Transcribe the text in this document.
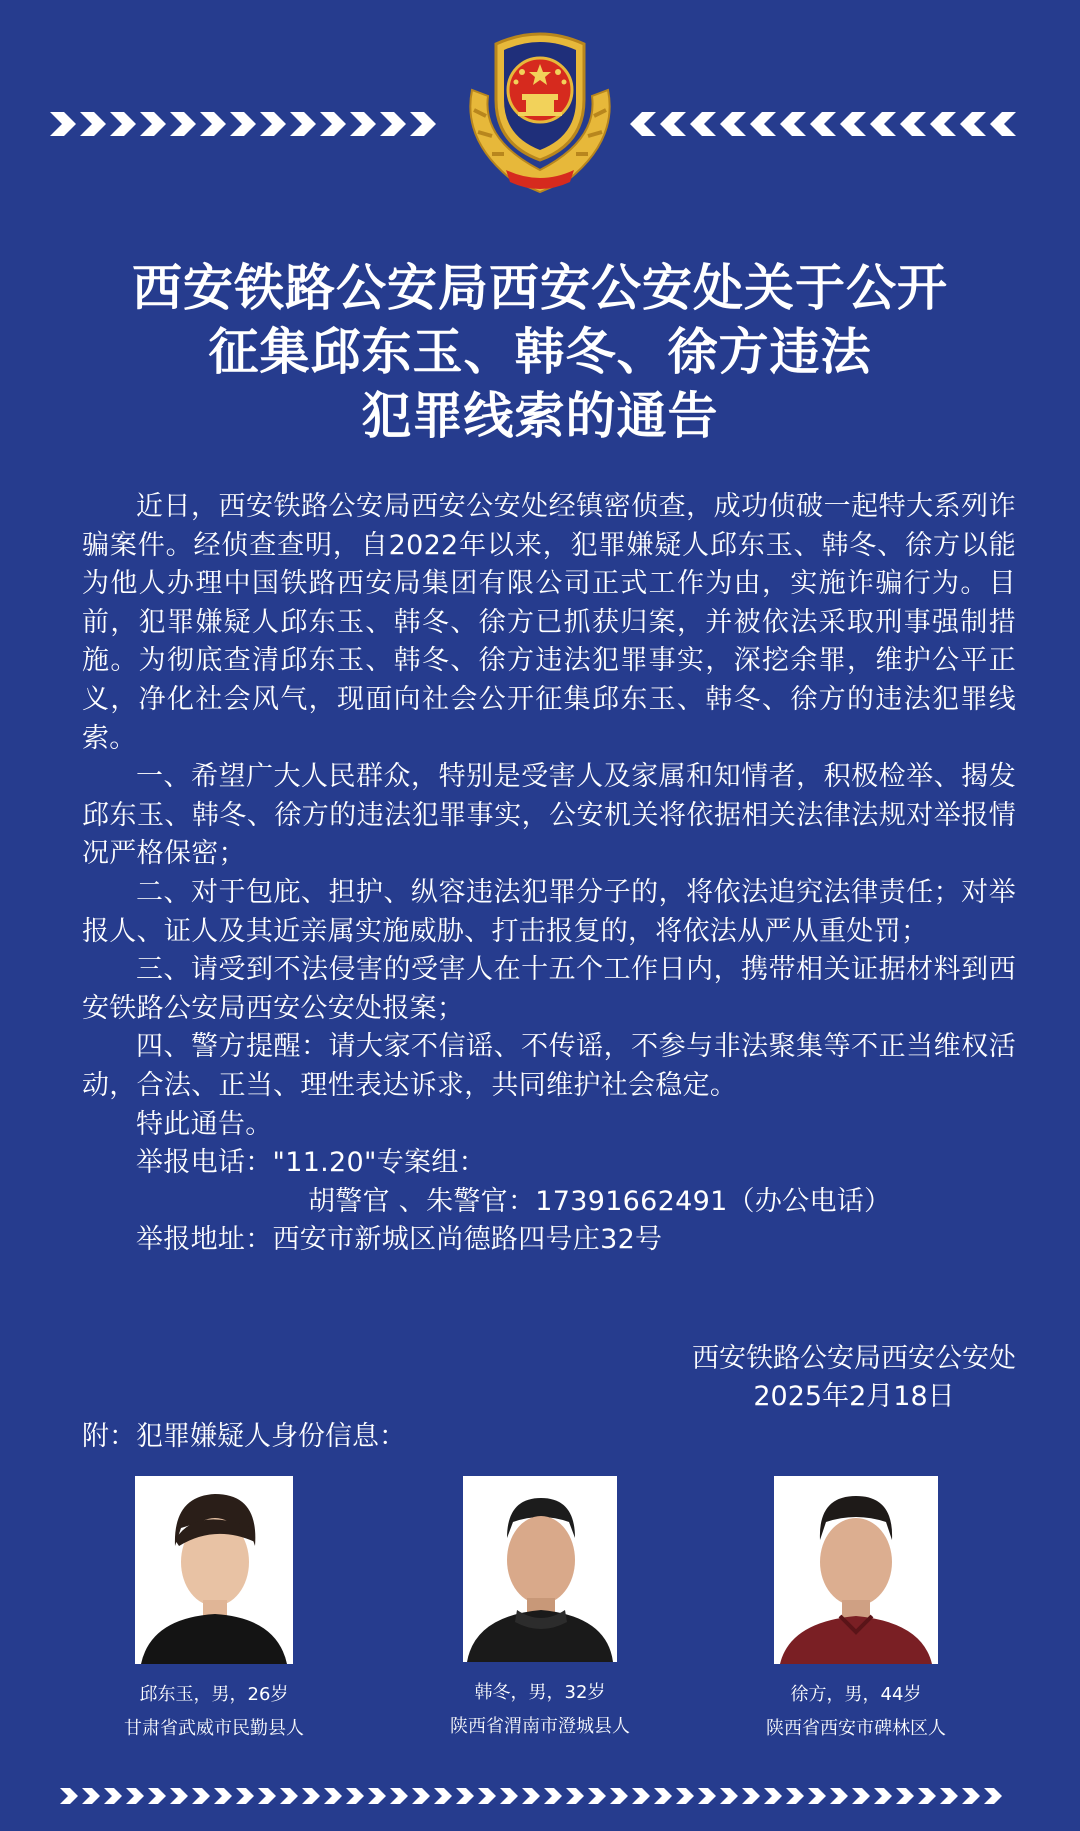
西安铁路公安局西安公安处关于公开
征集邱东玉、韩冬、徐方违法
犯罪线索的通告

近日，西安铁路公安局西安公安处经镇密侦查，成功侦破一起特大系列诈骗案件。经侦查查明，自2022年以来，犯罪嫌疑人邱东玉、韩冬、徐方以能为他人办理中国铁路西安局集团有限公司正式工作为由，实施诈骗行为。目前，犯罪嫌疑人邱东玉、韩冬、徐方已抓获归案，并被依法采取刑事强制措施。为彻底查清邱东玉、韩冬、徐方违法犯罪事实，深挖余罪，维护公平正义，净化社会风气，现面向社会公开征集邱东玉、韩冬、徐方的违法犯罪线索。

一、希望广大人民群众，特别是受害人及家属和知情者，积极检举、揭发邱东玉、韩冬、徐方的违法犯罪事实，公安机关将依据相关法律法规对举报情况严格保密；

二、对于包庇、担护、纵容违法犯罪分子的，将依法追究法律责任；对举报人、证人及其近亲属实施威胁、打击报复的，将依法从严从重处罚；

三、请受到不法侵害的受害人在十五个工作日内，携带相关证据材料到西安铁路公安局西安公安处报案；

四、警方提醒：请大家不信谣、不传谣，不参与非法聚集等不正当维权活动，合法、正当、理性表达诉求，共同维护社会稳定。

特此通告。

举报电话："11.20"专案组：

胡警官 、朱警官：17391662491（办公电话）

举报地址：西安市新城区尚德路四号庄32号

西安铁路公安局西安公安处
2025年2月18日
附：犯罪嫌疑人身份信息：
邱东玉，男，26岁
甘肃省武威市民勤县人
韩冬，男，32岁
陕西省渭南市澄城县人
徐方，男，44岁
陕西省西安市碑林区人
